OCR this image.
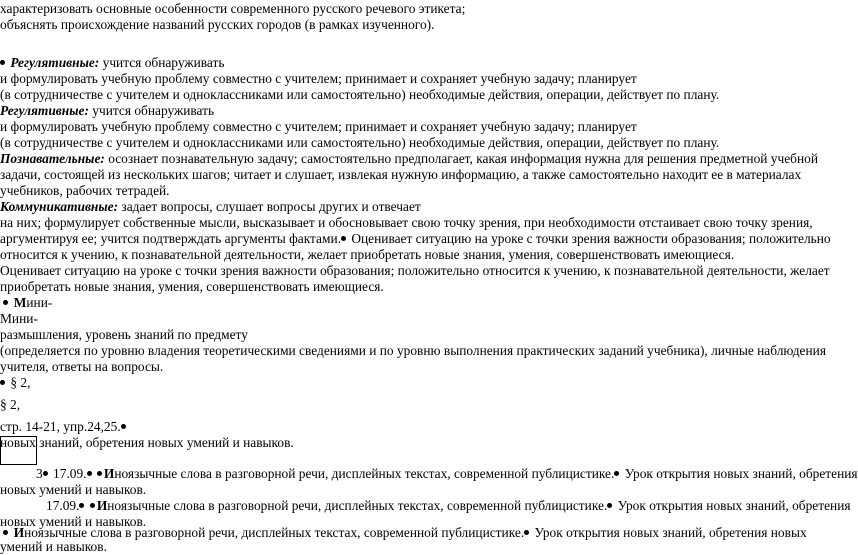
характеризовать основные особенности современного русского речевого этикета;
объяснять происхождение названий русских городов (в рамках изученного).
Регулятивные: учится обнаруживать
и формулировать учебную проблему совместно с учителем; принимает и сохраняет учебную задачу; планирует
(в сотрудничестве с учителем и одноклассниками или самостоятельно) необходимые действия, операции, действует по плану.
Регулятивные: учится обнаруживать
и формулировать учебную проблему совместно с учителем; принимает и сохраняет учебную задачу; планирует
(в сотрудничестве с учителем и одноклассниками или самостоятельно) необходимые действия, операции, действует по плану.
Познавательные: осознает познавательную задачу; самостоятельно предполагает, какая информация нужна для решения предметной учебной
задачи, состоящей из нескольких шагов; читает и слушает, извлекая нужную информацию, а также самостоятельно находит ее в материалах
учебников, рабочих тетрадей.
Коммуникативные: задает вопросы, слушает вопросы других и отвечает
на них; формулирует собственные мысли, высказывает и обосновывает свою точку зрения, при необходимости отстаивает свою точку зрения,
аргументируя ее; учится подтверждать аргументы фактами. Оценивает ситуацию на уроке с точки зрения важности образования; положительно
относится к учению, к познавательной деятельности, желает приобретать новые знания, умения, совершенствовать имеющиеся.
Оценивает ситуацию на уроке с точки зрения важности образования; положительно относится к учению, к познавательной деятельности, желает
приобретать новые знания, умения, совершенствовать имеющиеся.
Мини-
Мини-
размышления, уровень знаний по предмету
(определяется по уровню владения теоретическими сведениями и по уровню выполнения практических заданий учебника), личные наблюдения
учителя, ответы на вопросы.
§ 2,
§ 2,
стр. 14-21, упр.24,25.
новых знаний, обретения новых умений и навыков.
3 17.09. Иноязычные слова в разговорной речи, дисплейных текстах, современной публицистике. Урок открытия новых знаний, обретения
новых умений и навыков.
17.09. Иноязычные слова в разговорной речи, дисплейных текстах, современной публицистике. Урок открытия новых знаний, обретения
новых умений и навыков.
Иноязычные слова в разговорной речи, дисплейных текстах, современной публицистике. Урок открытия новых знаний, обретения новых
умений и навыков.
